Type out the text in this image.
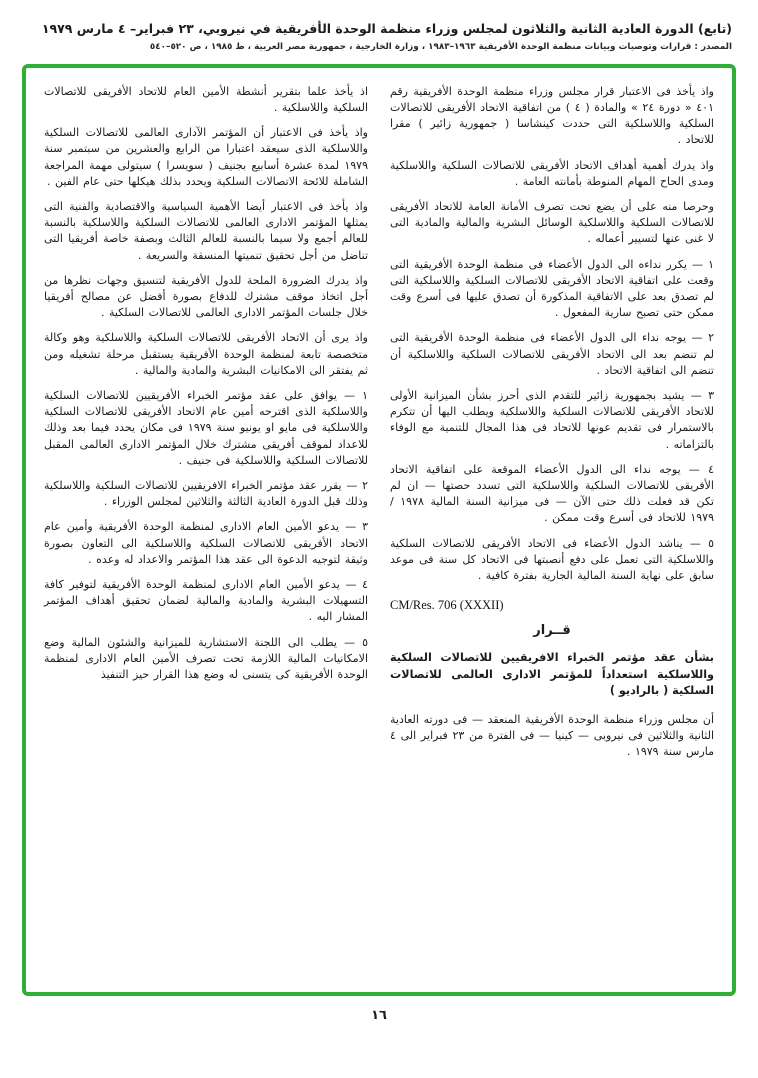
(تابع) الدورة العادية الثانية والثلاثون لمجلس وزراء منظمة الوحدة الأفريقية في نيروبي، ٢٣ فبراير– ٤ مارس ١٩٧٩
المصدر : قرارات وتوصيات وبيانات منظمة الوحدة الأفريقية ١٩٦٣–١٩٨٣ ، وزارة الخارجية ، جمهورية مصر العربية ، ط ١٩٨٥ ، ص ٥٢٠–٥٤٠

واذ يأخذ فى الاعتبار قرار مجلس وزراء منظمة الوحدة الأفريقية رقم ٤٠١ « دورة ٢٤ » والمادة ( ٤ ) من اتفاقية الاتحاد الأفريقى للاتصالات السلكية واللاسلكية التى حددت كينشاسا ( جمهورية زائير ) مقرا للاتحاد .

واذ يدرك أهمية أهداف الاتحاد الأفريقى للاتصالات السلكية واللاسلكية ومدى الحاح المهام المنوطة بأمانته العامة .

وحرصا منه على أن يضع تحت تصرف الأمانة العامة للاتحاد الأفريقى للاتصالات السلكية واللاسلكية الوسائل البشرية والمالية والمادية التى لا غنى عنها لتسيير أعماله .

١ — يكرر نداءه الى الدول الأعضاء فى منظمة الوحدة الأفريقية التى وقعت على اتفاقية الاتحاد الأفريقى للاتصالات السلكية واللاسلكية التى لم تصدق بعد على الاتفاقية المذكورة أن تصدق عليها فى أسرع وقت ممكن حتى تصبح سارية المفعول .

٢ — يوجه نداء الى الدول الأعضاء فى منظمة الوحدة الأفريقية التى لم تنضم بعد الى الاتحاد الأفريقى للاتصالات السلكية واللاسلكية أن تنضم الى اتفاقية الاتحاد .

٣ — يشيد بجمهورية زائير للتقدم الذى أحرز بشأن الميزانية الأولى للاتحاد الأفريقى للاتصالات السلكية واللاسلكية ويطلب اليها أن تتكرم بالاستمرار فى تقديم عونها للاتحاد فى هذا المجال للتنمية مع الوفاء بالتزاماته .

٤ — يوجه نداء الى الدول الأعضاء الموقعة على اتفاقية الاتحاد الأفريقى للاتصالات السلكية واللاسلكية التى تسدد حصتها — ان لم تكن قد فعلت ذلك حتى الآن — فى ميزانية السنة المالية ١٩٧٨ / ١٩٧٩ للاتحاد فى أسرع وقت ممكن .

٥ — يناشد الدول الأعضاء فى الاتحاد الأفريقى للاتصالات السلكية واللاسلكية التى تعمل على دفع أنصبتها فى الاتحاد كل سنة فى موعد سابق على نهاية السنة المالية الجارية بفترة كافية .

CM/Res. 706 (XXXII)
قــرار
بشأن عقد مؤتمر الخبراء الافريقيين للاتصالات السلكية واللاسلكية استعداداً للمؤتمر الادارى العالمى للاتصالات السلكية ( بالراديو )

أن مجلس وزراء منظمة الوحدة الأفريقية المنعقد — فى دورته العادية الثانية والثلاثين فى نيروبى — كينيا — فى الفترة من ٢٣ فبراير الى ٤ مارس سنة ١٩٧٩ .

اذ يأخذ علما بتقرير أنشطة الأمين العام للاتحاد الأفريقى للاتصالات السلكية واللاسلكية .

واذ يأخذ فى الاعتبار أن المؤتمر الآدارى العالمى للاتصالات السلكية واللاسلكية الذى سيعقد اعتبارا من الرابع والعشرين من سبتمبر سنة ١٩٧٩ لمدة عشرة أسابيع بجنيف ( سويسرا ) سيتولى مهمة المراجعة الشاملة للائحة الاتصالات السلكية ويحدد بذلك هيكلها حتى عام الفين .

واذ يأخذ فى الاعتبار أيضا الأهمية السياسية والاقتصادية والفنية التى يمثلها المؤتمر الادارى العالمى للاتصالات السلكية واللاسلكية بالنسبة للعالم أجمع ولا سيما بالنسبة للعالم الثالث وبصفة خاصة أفريقيا التى تناضل من أجل تحقيق تنميتها المنسقة والسريعة .

واذ يدرك الضرورة الملحة للدول الأفريقية لتنسيق وجهات نظرها من أجل اتخاذ موقف مشترك للدفاع بصورة أفضل عن مصالح أفريقيا خلال جلسات المؤتمر الادارى العالمى للاتصالات السلكية .

واذ يرى أن الاتحاد الأفريقى للاتصالات السلكية واللاسلكية وهو وكالة متخصصة تابعة لمنظمة الوحدة الأفريقية يستقبل مرحلة تشغيله ومن ثم يفتقر الى الامكانيات البشرية والمادية والمالية .

١ — يوافق على عقد مؤتمر الخبراء الأفريقيين للاتصالات السلكية واللاسلكية الذى اقترحه أمين عام الاتحاد الأفريقى للاتصالات السلكية واللاسلكية فى مايو او يونيو سنة ١٩٧٩ فى مكان يحدد فيما بعد وذلك للاعداد لموقف أفريقى مشترك خلال المؤتمر الادارى العالمى المقبل للاتصالات السلكية واللاسلكية فى جنيف .

٢ — يقرر عقد مؤتمر الخبراء الافريقيين للاتصالات السلكية واللاسلكية وذلك قبل الدورة العادية الثالثة والثلاثين لمجلس الوزراء .

٣ — يدعو الأمين العام الادارى لمنظمة الوحدة الأفريقية وأمين عام الاتحاد الأفريقى للاتصالات السلكية واللاسلكية الى التعاون بصورة وثيقة لتوجيه الدعوة الى عقد هذا المؤتمر والاعداد له وعده .

٤ — يدعو الأمين العام الادارى لمنظمة الوحدة الأفريقية لتوفير كافة التسهيلات البشرية والمادية والمالية لضمان تحقيق أهداف المؤتمر المشار اليه .

٥ — يطلب الى اللجنة الاستشارية للميزانية والشئون المالية وضع الامكانيات المالية اللازمة تحت تصرف الأمين العام الادارى لمنظمة الوحدة الأفريقية كى يتسنى له وضع هذا القرار حيز التنفيذ

١٦
